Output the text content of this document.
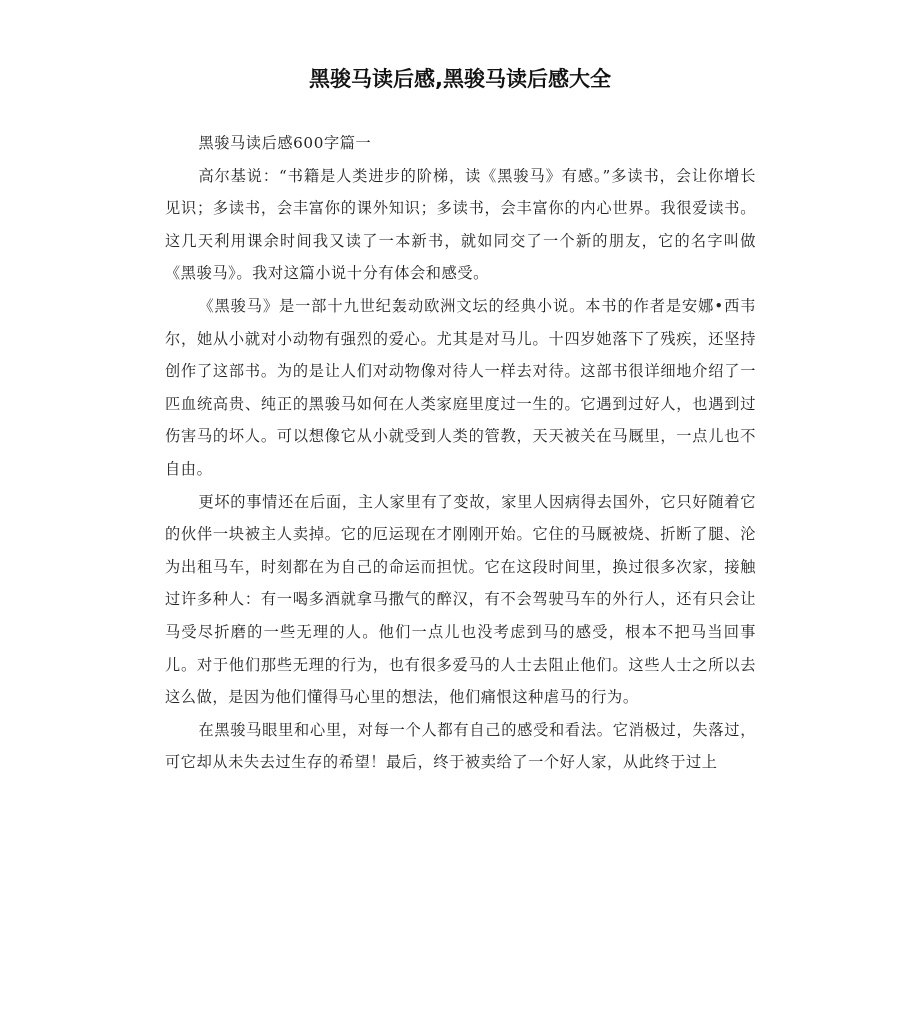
黑骏马读后感,黑骏马读后感大全

黑骏马读后感600字篇一

高尔基说：“书籍是人类进步的阶梯，读《黑骏马》有感。”多读书，会让你增长见识；多读书，会丰富你的课外知识；多读书，会丰富你的内心世界。我很爱读书。这几天利用课余时间我又读了一本新书，就如同交了一个新的朋友，它的名字叫做《黑骏马》。我对这篇小说十分有体会和感受。

《黑骏马》是一部十九世纪轰动欧洲文坛的经典小说。本书的作者是安娜•西韦尔，她从小就对小动物有强烈的爱心。尤其是对马儿。十四岁她落下了残疾，还坚持创作了这部书。为的是让人们对动物像对待人一样去对待。这部书很详细地介绍了一匹血统高贵、纯正的黑骏马如何在人类家庭里度过一生的。它遇到过好人，也遇到过伤害马的坏人。可以想像它从小就受到人类的管教，天天被关在马厩里，一点儿也不自由。

更坏的事情还在后面，主人家里有了变故，家里人因病得去国外，它只好随着它的伙伴一块被主人卖掉。它的厄运现在才刚刚开始。它住的马厩被烧、折断了腿、沦为出租马车，时刻都在为自己的命运而担忧。它在这段时间里，换过很多次家，接触过许多种人：有一喝多酒就拿马撒气的醉汉，有不会驾驶马车的外行人，还有只会让马受尽折磨的一些无理的人。他们一点儿也没考虑到马的感受，根本不把马当回事儿。对于他们那些无理的行为，也有很多爱马的人士去阻止他们。这些人士之所以去这么做，是因为他们懂得马心里的想法，他们痛恨这种虐马的行为。

在黑骏马眼里和心里，对每一个人都有自己的感受和看法。它消极过，失落过，可它却从未失去过生存的希望！最后，终于被卖给了一个好人家，从此终于过上
